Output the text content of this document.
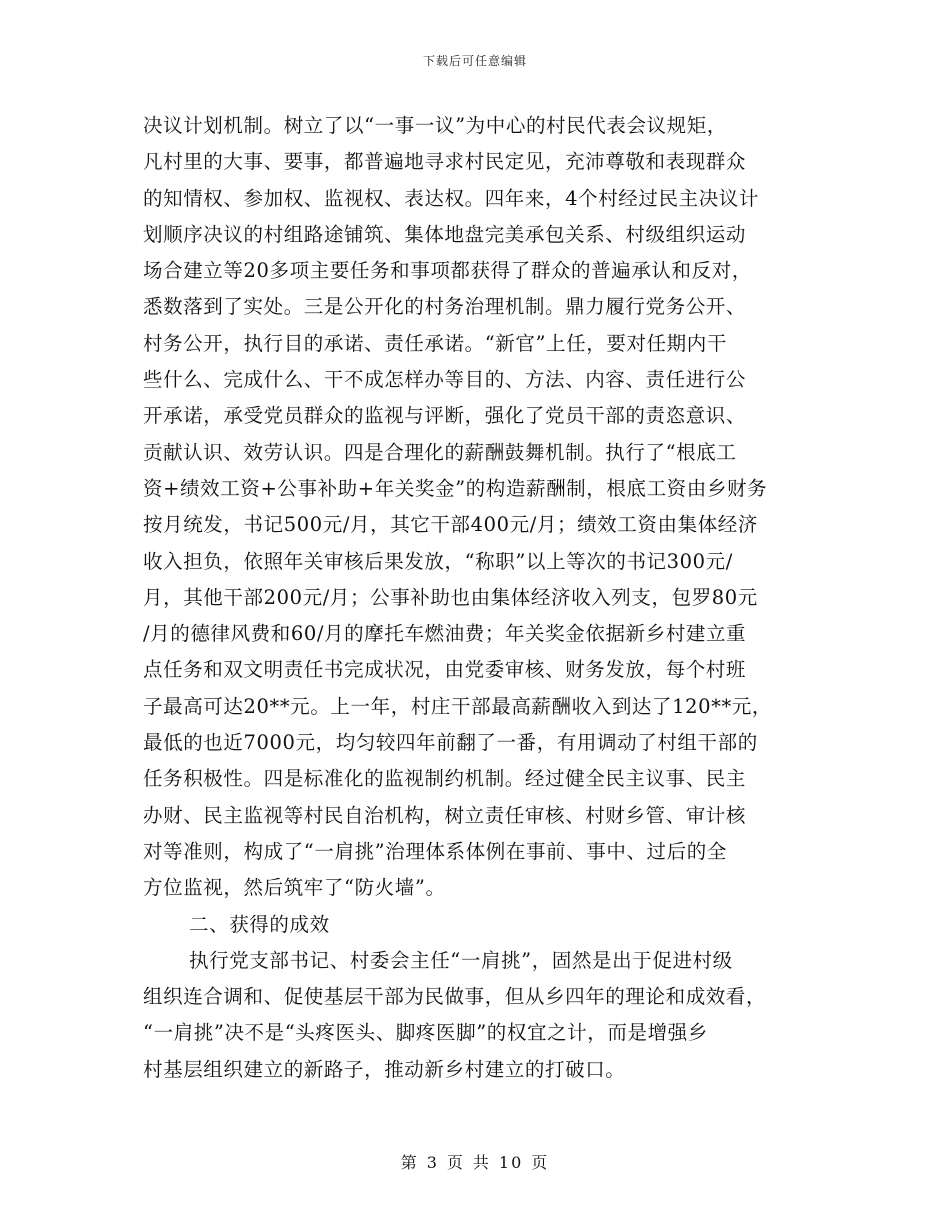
下载后可任意编辑
决议计划机制。树立了以“一事一议”为中心的村民代表会议规矩，
凡村里的大事、要事，都普遍地寻求村民定见，充沛尊敬和表现群众
的知情权、参加权、监视权、表达权。四年来，4个村经过民主决议计
划顺序决议的村组路途铺筑、集体地盘完美承包关系、村级组织运动
场合建立等20多项主要任务和事项都获得了群众的普遍承认和反对，
悉数落到了实处。三是公开化的村务治理机制。鼎力履行党务公开、
村务公开，执行目的承诺、责任承诺。“新官”上任，要对任期内干
些什么、完成什么、干不成怎样办等目的、方法、内容、责任进行公
开承诺，承受党员群众的监视与评断，强化了党员干部的责恣意识、
贡献认识、效劳认识。四是合理化的薪酬鼓舞机制。执行了“根底工
资+绩效工资+公事补助+年关奖金”的构造薪酬制，根底工资由乡财务
按月统发，书记500元/月，其它干部400元/月；绩效工资由集体经济
收入担负，依照年关审核后果发放，“称职”以上等次的书记300元/
月，其他干部200元/月；公事补助也由集体经济收入列支，包罗80元
/月的德律风费和60/月的摩托车燃油费；年关奖金依据新乡村建立重
点任务和双文明责任书完成状况，由党委审核、财务发放，每个村班
子最高可达20**元。上一年，村庄干部最高薪酬收入到达了120**元，
最低的也近7000元，均匀较四年前翻了一番，有用调动了村组干部的
任务积极性。四是标准化的监视制约机制。经过健全民主议事、民主
办财、民主监视等村民自治机构，树立责任审核、村财乡管、审计核
对等准则，构成了“一肩挑”治理体系体例在事前、事中、过后的全
方位监视，然后筑牢了“防火墙”。
二、获得的成效
执行党支部书记、村委会主任“一肩挑”，固然是出于促进村级
组织连合调和、促使基层干部为民做事，但从乡四年的理论和成效看，
“一肩挑”决不是“头疼医头、脚疼医脚”的权宜之计，而是增强乡
村基层组织建立的新路子，推动新乡村建立的打破口。
第 3 页 共 10 页
